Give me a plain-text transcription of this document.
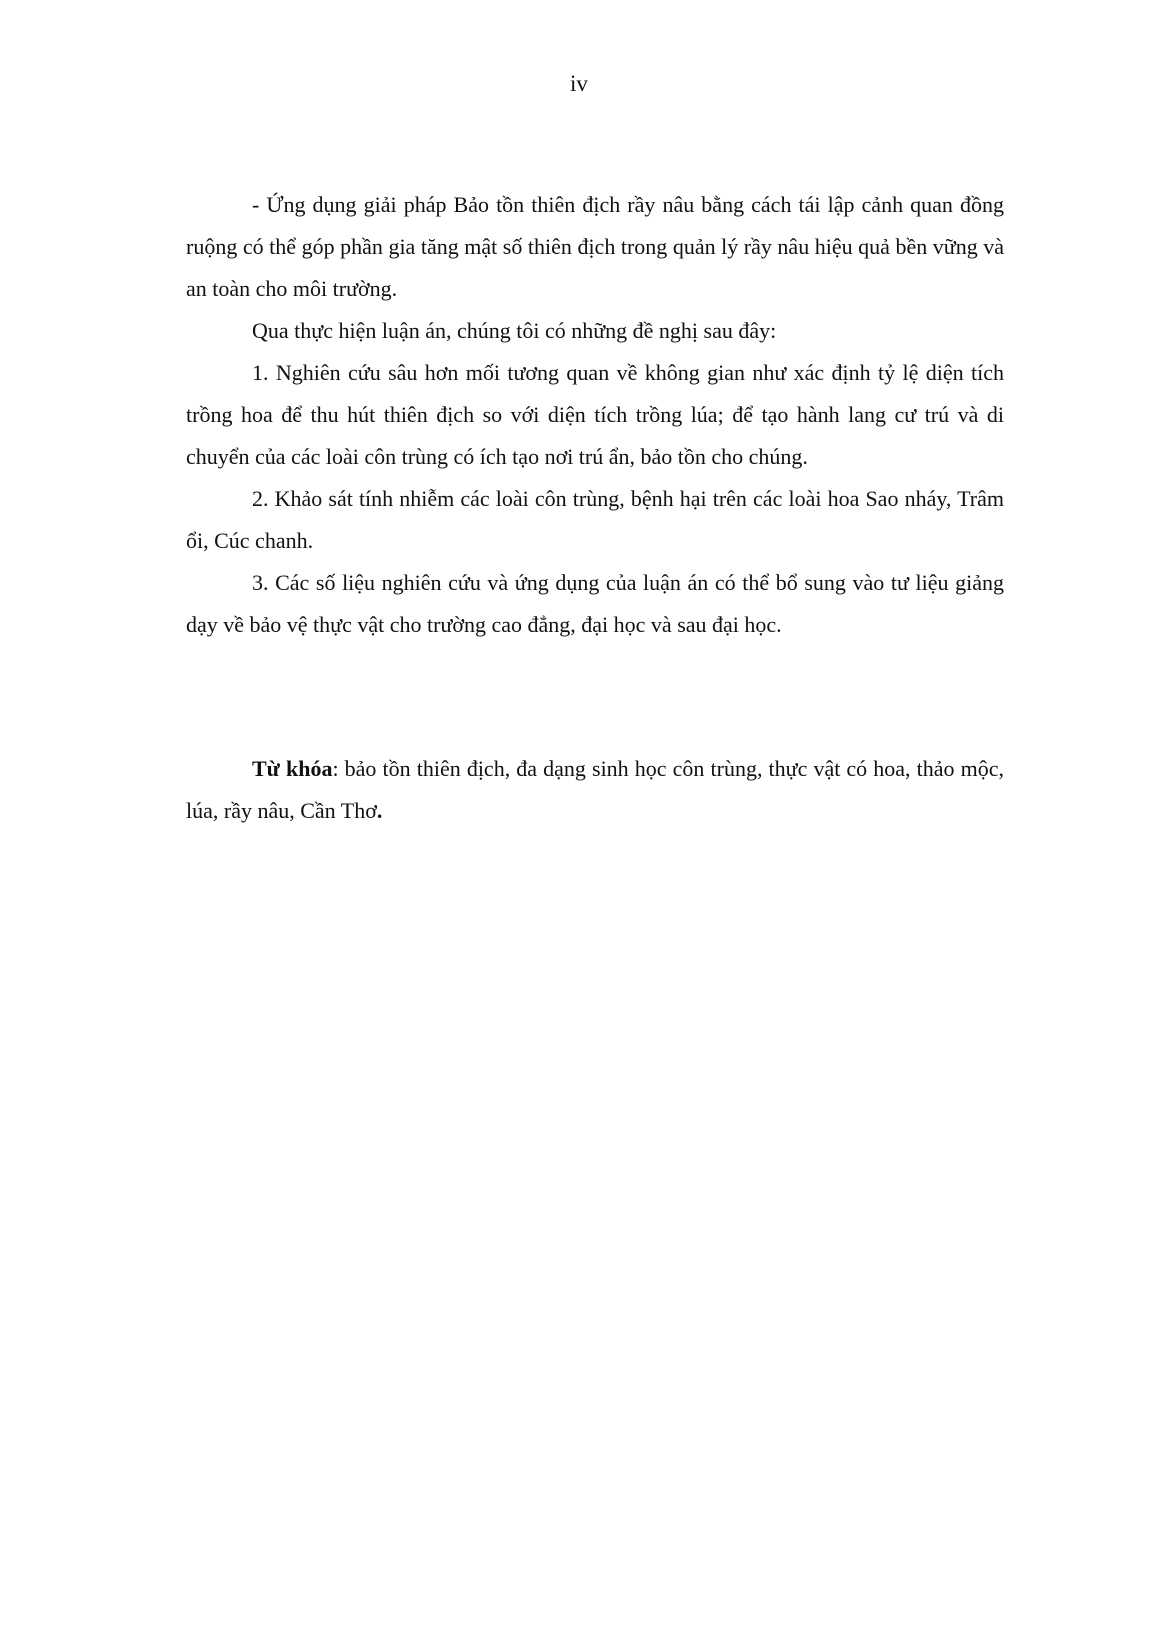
iv

- Ứng dụng giải pháp Bảo tồn thiên địch rầy nâu bằng cách tái lập cảnh quan đồng ruộng có thể góp phần gia tăng mật số thiên địch trong quản lý rầy nâu hiệu quả bền vững và an toàn cho môi trường.

Qua thực hiện luận án, chúng tôi có những đề nghị sau đây:

1. Nghiên cứu sâu hơn mối tương quan về không gian như xác định tỷ lệ diện tích trồng hoa để thu hút thiên địch so với diện tích trồng lúa; để tạo hành lang cư trú và di chuyển của các loài côn trùng có ích tạo nơi trú ẩn, bảo tồn cho chúng.

2. Khảo sát tính nhiễm các loài côn trùng, bệnh hại trên các loài hoa Sao nháy, Trâm ổi, Cúc chanh.

3. Các số liệu nghiên cứu và ứng dụng của luận án có thể bổ sung vào tư liệu giảng dạy về bảo vệ thực vật cho trường cao đẳng, đại học và sau đại học.

Từ khóa: bảo tồn thiên địch, đa dạng sinh học côn trùng, thực vật có hoa, thảo mộc, lúa, rầy nâu, Cần Thơ.
